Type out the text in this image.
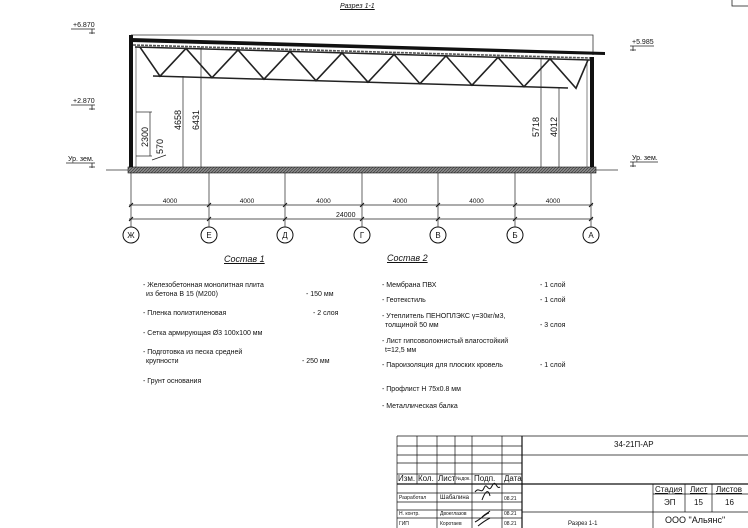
Разрез 1-1
+6.870
+2.870
Ур. зем.
+5.985
Ур. зем.
2300 570
4658 6431	5718 4012
Ж
4000
Е
4000
Д
4000
Г
4000
В
4000
Б
4000
А
24000
34-21П-АР
Изм. Кол. Лист №док. Подп. Дата
Разработал Шабалина	08.21
Н. контр.	Двоеглазов	08.21
ГИП	Коротаев	08.21
Стадия Лист Листов
ЭП 15	16
Разрез 1-1	ООО "Альянс"
Состав 1	Состав 2
- Железобетонная монолитная плита
из бетона В 15 (М200)	- 150 мм
- Пленка полиэтиленовая	- 2 слоя
- Сетка армирующая Ø3 100х100 мм
- Подготовка из песка средней
крупности	- 250 мм
- Грунт основания
- Мембрана ПВХ	- 1 слой
- Геотекстиль	- 1 слой
- Утеплитель ПЕНОПЛЭКС γ=30кг/м3,
толщиной 50 мм	- 3 слоя
- Лист гипсоволокнистый влагостойкий
t=12,5 мм
- Пароизоляция для плоских кровель	- 1 слой
- Профлист Н 75х0.8 мм
- Металлическая балка
